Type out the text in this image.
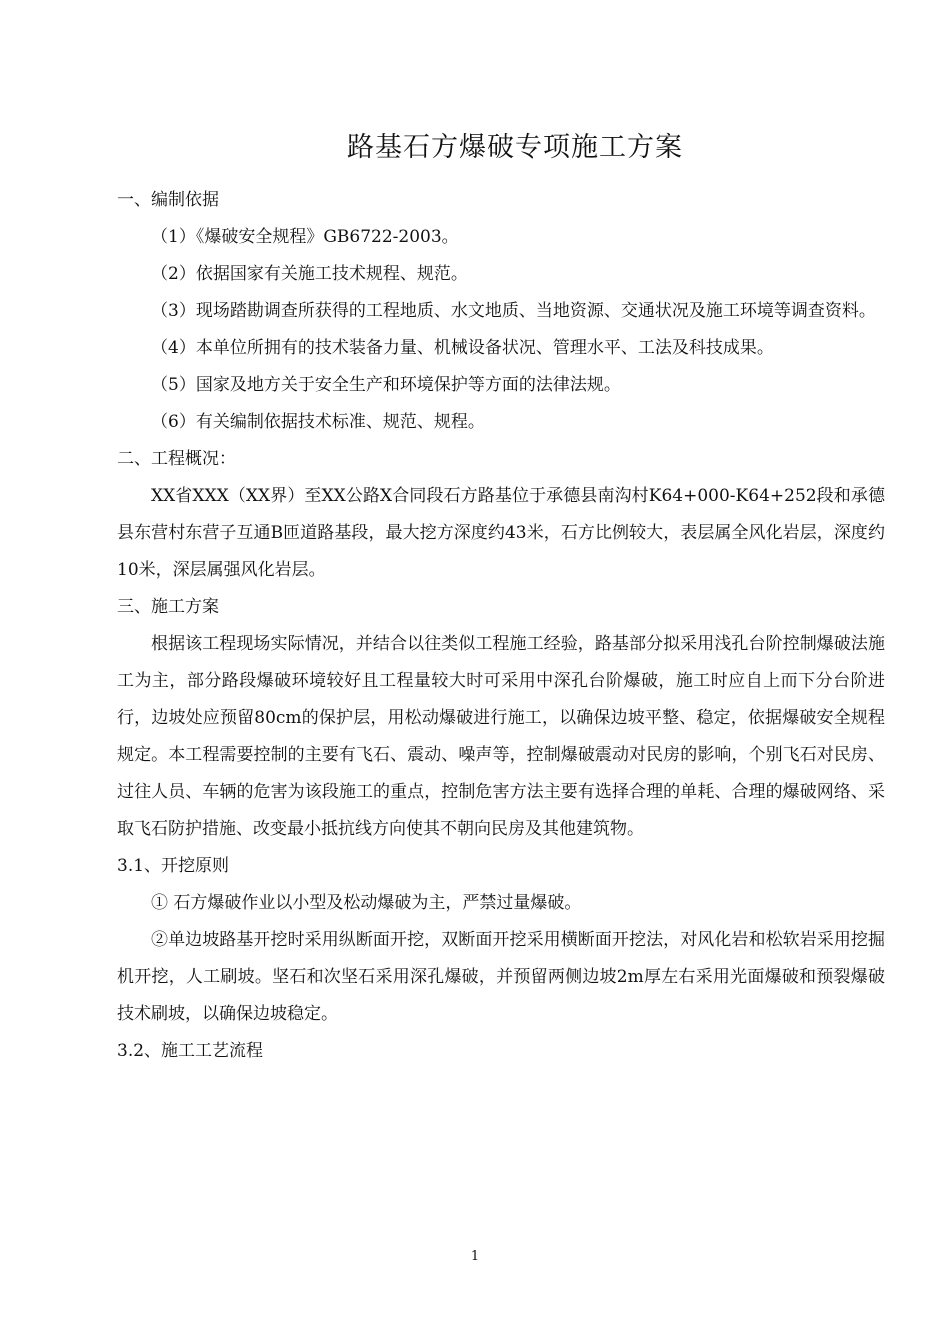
路基石方爆破专项施工方案

一、编制依据

（1）《爆破安全规程》GB6722-2003。

（2）依据国家有关施工技术规程、规范。

（3）现场踏勘调查所获得的工程地质、水文地质、当地资源、交通状况及施工环境等调查资料。

（4）本单位所拥有的技术装备力量、机械设备状况、管理水平、工法及科技成果。

（5）国家及地方关于安全生产和环境保护等方面的法律法规。

（6）有关编制依据技术标准、规范、规程。

二、工程概况：

XX省XXX（XX界）至XX公路X合同段石方路基位于承德县南沟村K64+000-K64+252段和承德县东营村东营子互通B匝道路基段，最大挖方深度约43米，石方比例较大，表层属全风化岩层，深度约10米，深层属强风化岩层。

三、施工方案

根据该工程现场实际情况，并结合以往类似工程施工经验，路基部分拟采用浅孔台阶控制爆破法施工为主，部分路段爆破环境较好且工程量较大时可采用中深孔台阶爆破，施工时应自上而下分台阶进行，边坡处应预留80cm的保护层，用松动爆破进行施工，以确保边坡平整、稳定，依据爆破安全规程规定。本工程需要控制的主要有飞石、震动、噪声等，控制爆破震动对民房的影响，个别飞石对民房、过往人员、车辆的危害为该段施工的重点，控制危害方法主要有选择合理的单耗、合理的爆破网络、采取飞石防护措施、改变最小抵抗线方向使其不朝向民房及其他建筑物。

3.1、开挖原则

① 石方爆破作业以小型及松动爆破为主，严禁过量爆破。

②单边坡路基开挖时采用纵断面开挖，双断面开挖采用横断面开挖法，对风化岩和松软岩采用挖掘机开挖，人工刷坡。坚石和次坚石采用深孔爆破，并预留两侧边坡2m厚左右采用光面爆破和预裂爆破技术刷坡，以确保边坡稳定。

3.2、施工工艺流程

1
